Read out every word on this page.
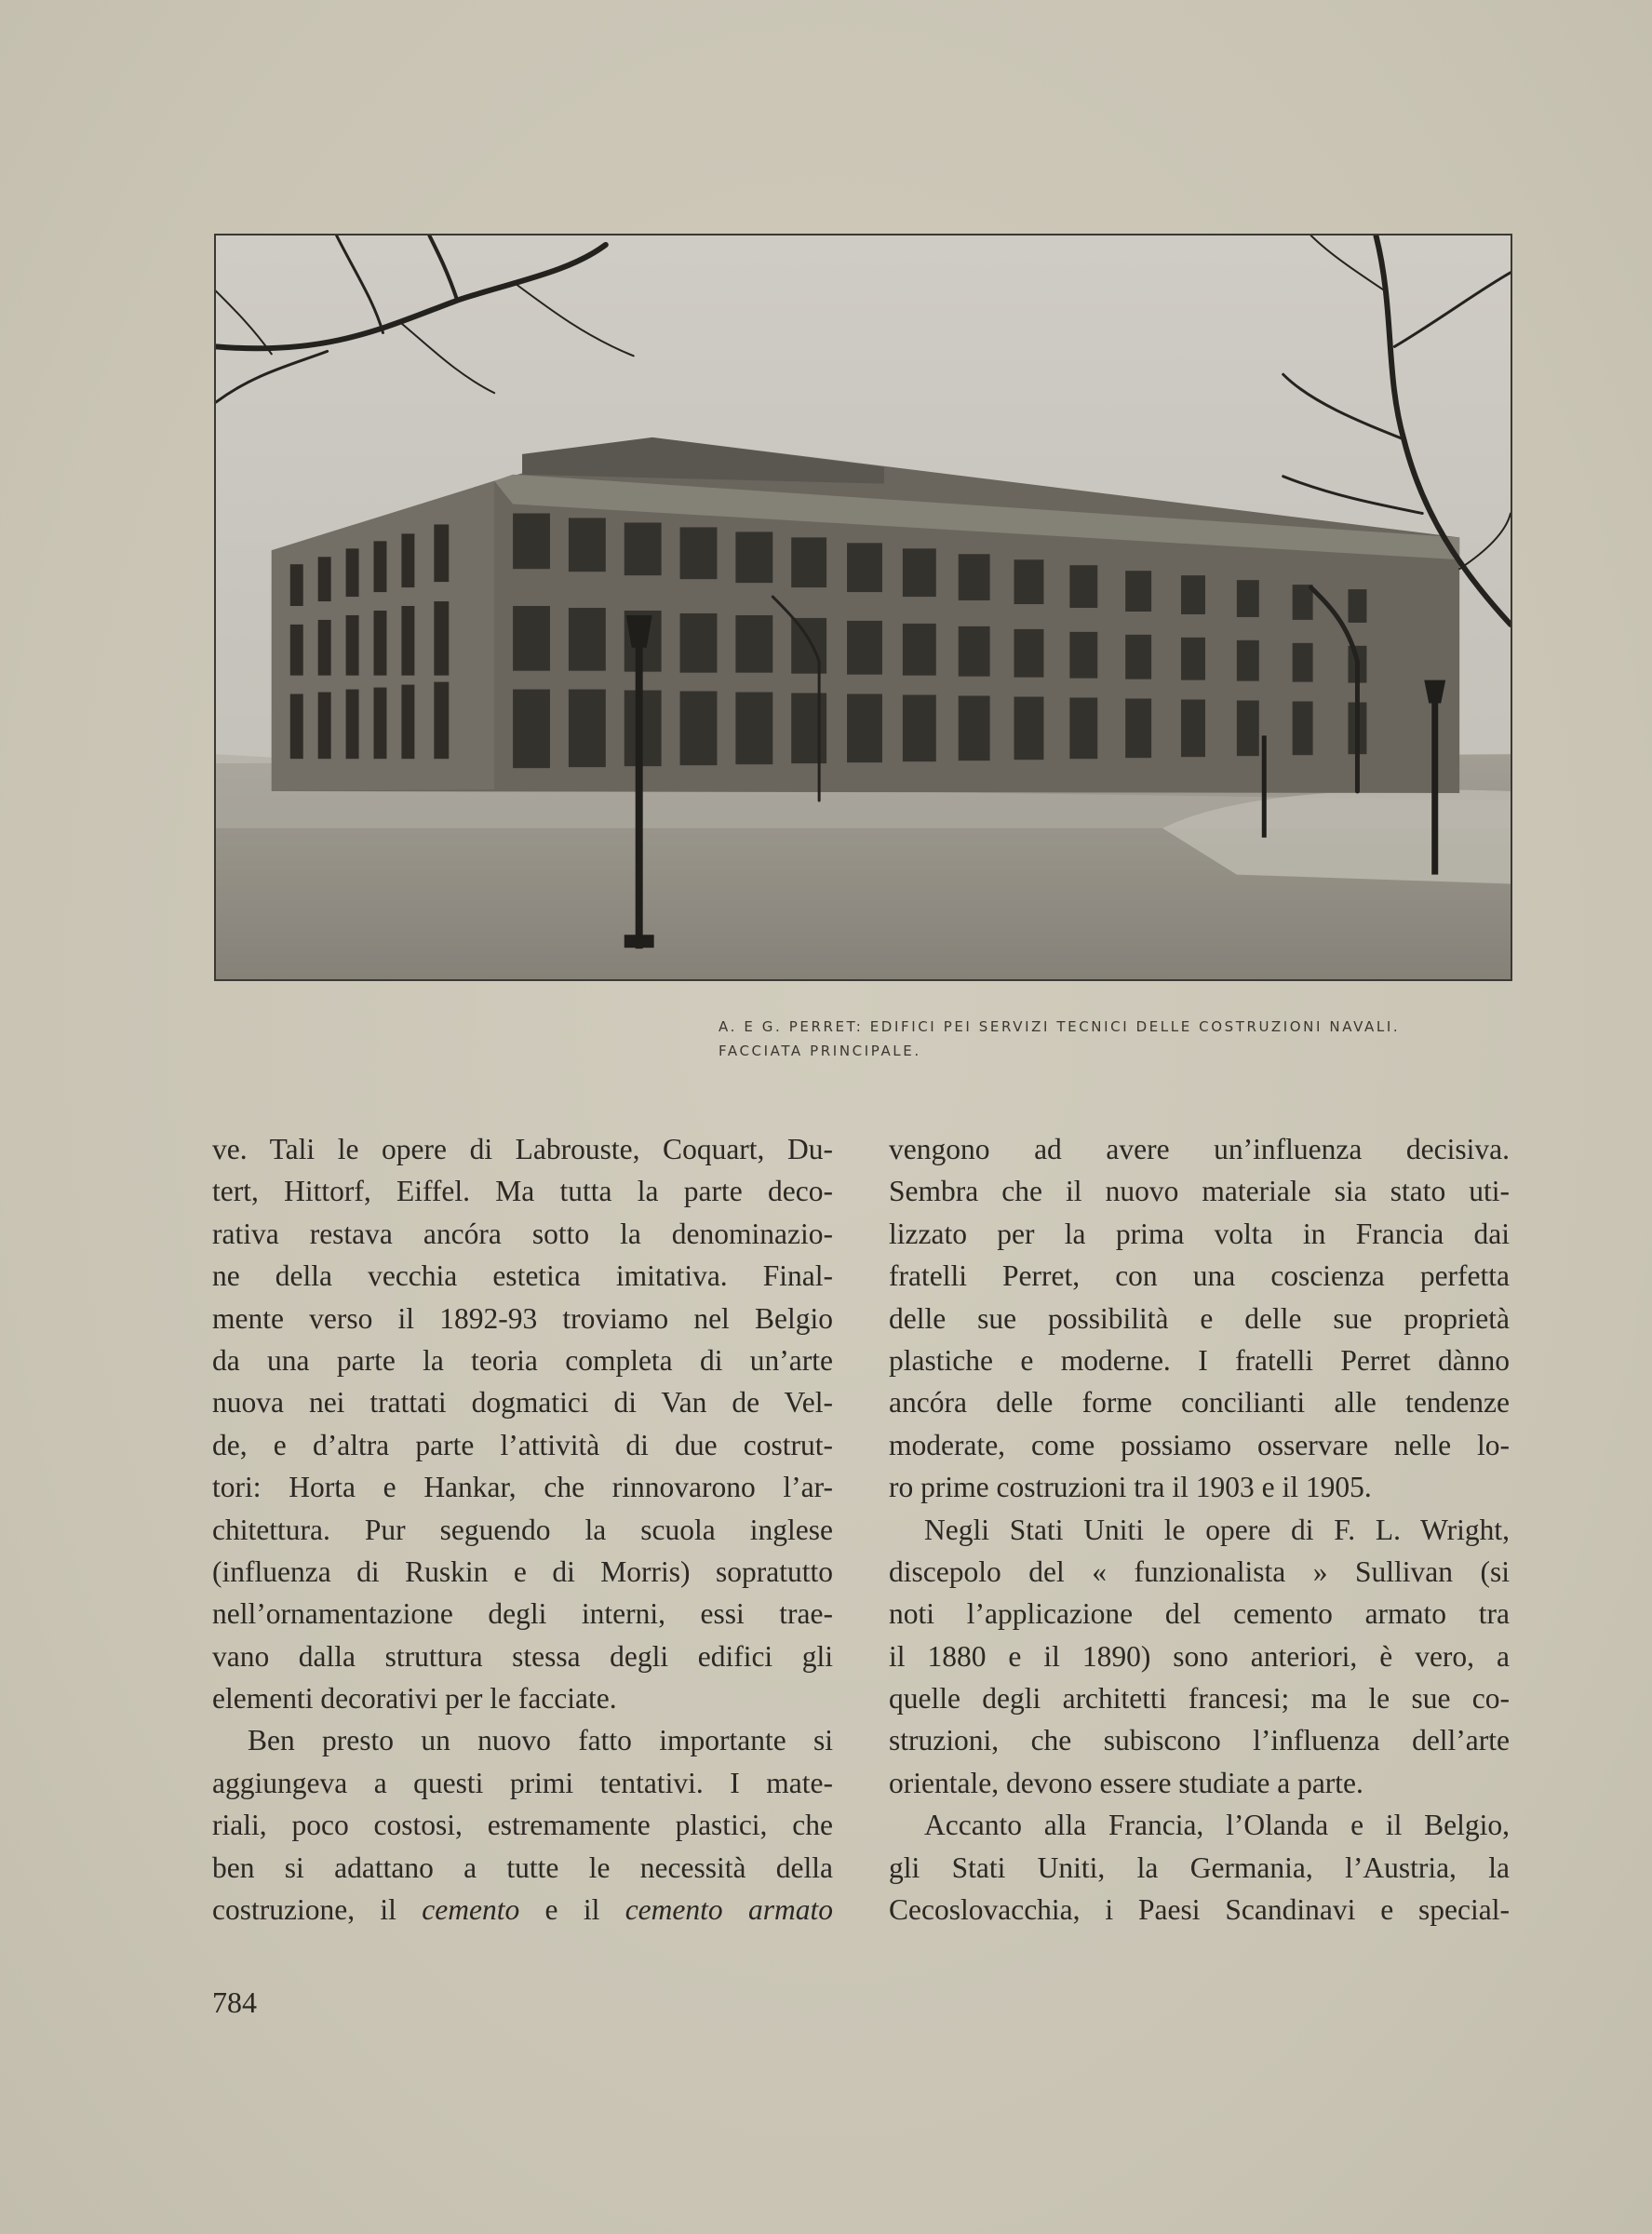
A. E G. PERRET: EDIFICI PEI SERVIZI TECNICI DELLE COSTRUZIONI NAVALI.
FACCIATA PRINCIPALE.
ve. Tali le opere di Labrouste, Coquart, Du-
tert, Hittorf, Eiffel. Ma tutta la parte deco-
rativa restava ancóra sotto la denominazio-
ne della vecchia estetica imitativa. Final-
mente verso il 1892-93 troviamo nel Belgio
da una parte la teoria completa di un’arte
nuova nei trattati dogmatici di Van de Vel-
de, e d’altra parte l’attività di due costrut-
tori: Horta e Hankar, che rinnovarono l’ar-
chitettura. Pur seguendo la scuola inglese
(influenza di Ruskin e di Morris) sopratutto
nell’ornamentazione degli interni, essi trae-
vano dalla struttura stessa degli edifici gli
elementi decorativi per le facciate.
Ben presto un nuovo fatto importante si
aggiungeva a questi primi tentativi. I mate-
riali, poco costosi, estremamente plastici, che
ben si adattano a tutte le necessità della
costruzione, il cemento e il cemento armato
vengono ad avere un’influenza decisiva.
Sembra che il nuovo materiale sia stato uti-
lizzato per la prima volta in Francia dai
fratelli Perret, con una coscienza perfetta
delle sue possibilità e delle sue proprietà
plastiche e moderne. I fratelli Perret dànno
ancóra delle forme concilianti alle tendenze
moderate, come possiamo osservare nelle lo-
ro prime costruzioni tra il 1903 e il 1905.
Negli Stati Uniti le opere di F. L. Wright,
discepolo del « funzionalista » Sullivan (si
noti l’applicazione del cemento armato tra
il 1880 e il 1890) sono anteriori, è vero, a
quelle degli architetti francesi; ma le sue co-
struzioni, che subiscono l’influenza dell’arte
orientale, devono essere studiate a parte.
Accanto alla Francia, l’Olanda e il Belgio,
gli Stati Uniti, la Germania, l’Austria, la
Cecoslovacchia, i Paesi Scandinavi e special-
784
